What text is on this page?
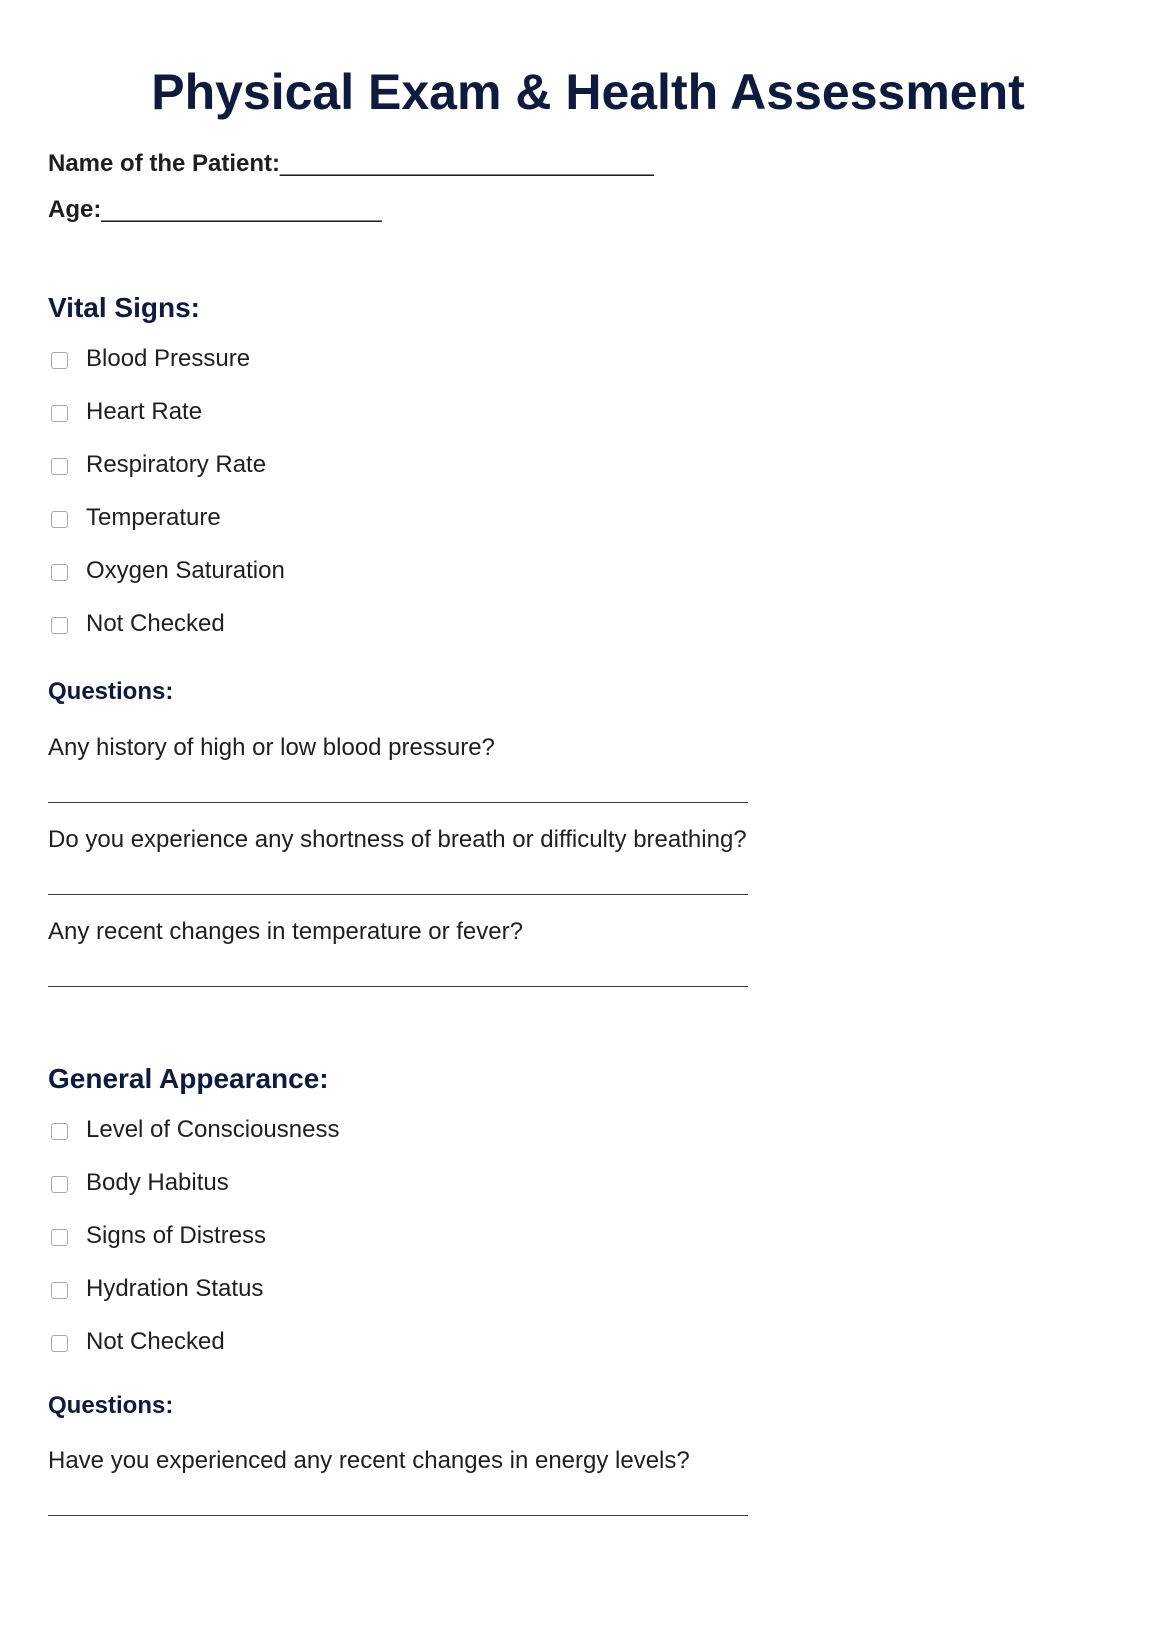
Physical Exam & Health Assessment
Name of the Patient:____________________________
Age:_____________________
Vital Signs:
Blood Pressure
Heart Rate
Respiratory Rate
Temperature
Oxygen Saturation
Not Checked
Questions:
Any history of high or low blood pressure?
Do you experience any shortness of breath or difficulty breathing?
Any recent changes in temperature or fever?
General Appearance:
Level of Consciousness
Body Habitus
Signs of Distress
Hydration Status
Not Checked
Questions:
Have you experienced any recent changes in energy levels?
